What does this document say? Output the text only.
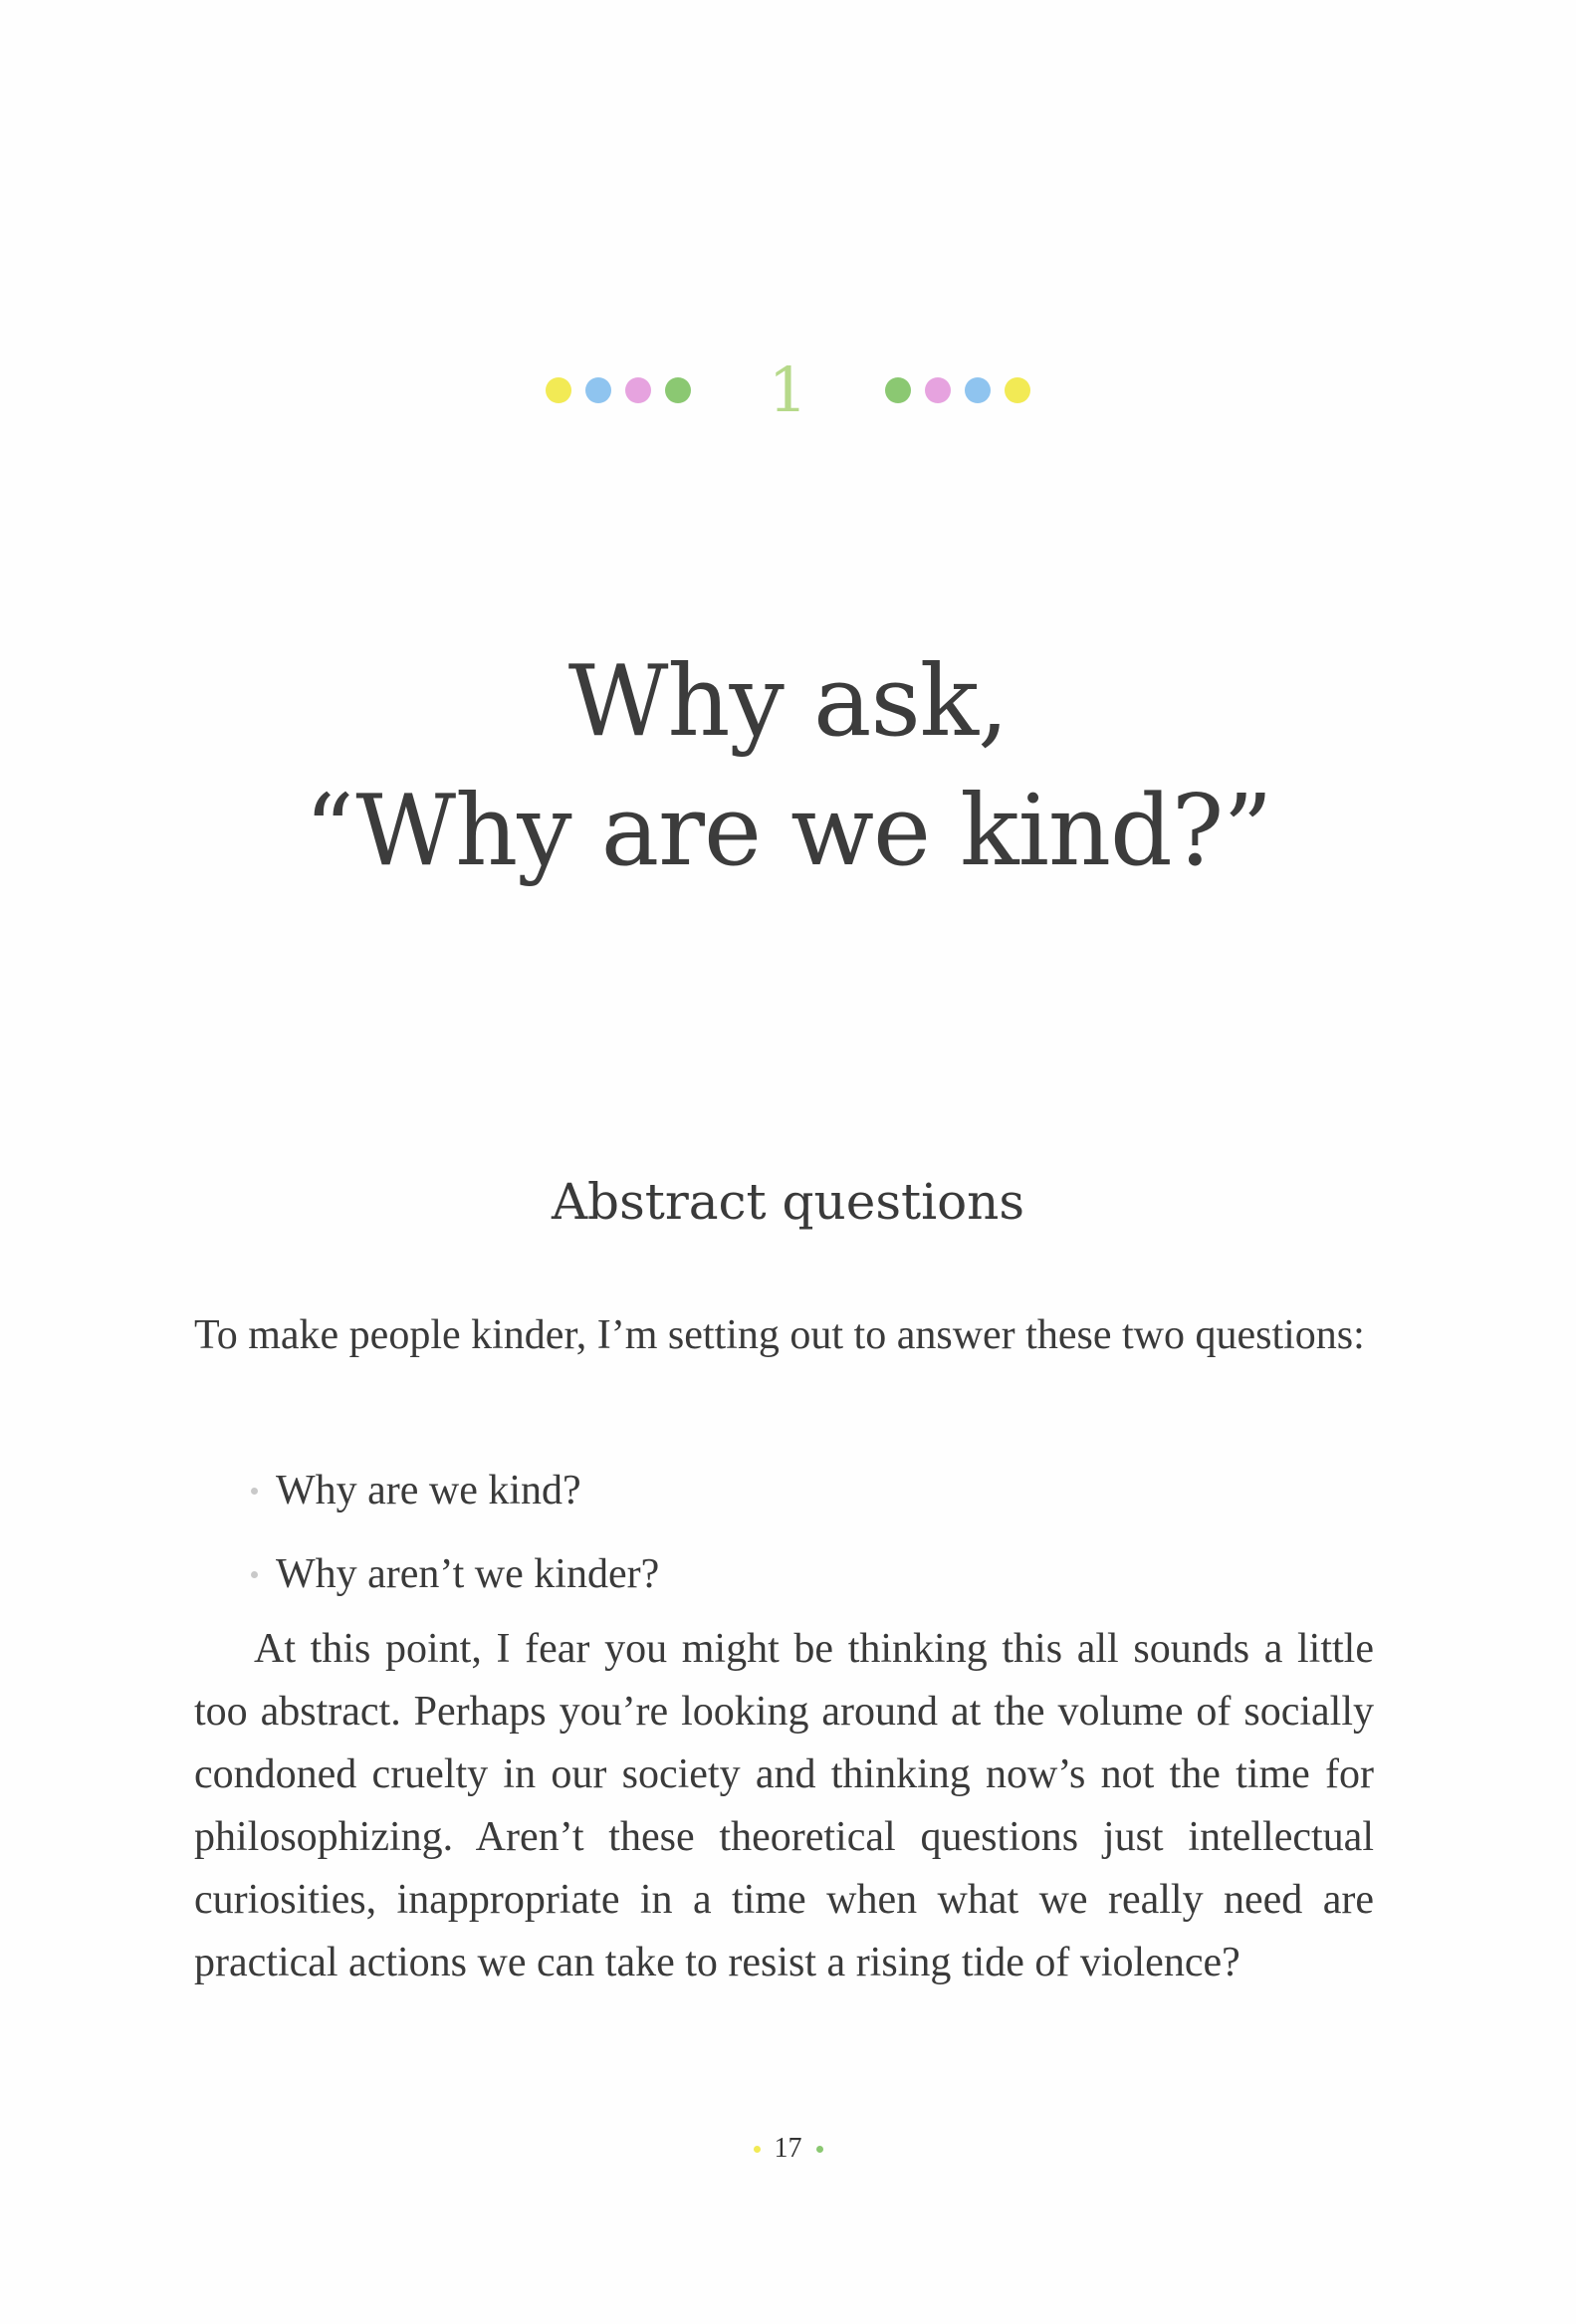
1
Why ask,
“Why are we kind?”
Abstract questions

To make people kinder, I’m setting out to answer these two questions:

Why are we kind?
Why aren’t we kinder?

At this point, I fear you might be thinking this all sounds a little too abstract. Perhaps you’re looking around at the volume of socially condoned cruelty in our society and thinking now’s not the time for philosophizing. Aren’t these theoretical questions just intellectual curiosities, inappropriate in a time when what we really need are practical actions we can take to resist a rising tide of violence?

17
